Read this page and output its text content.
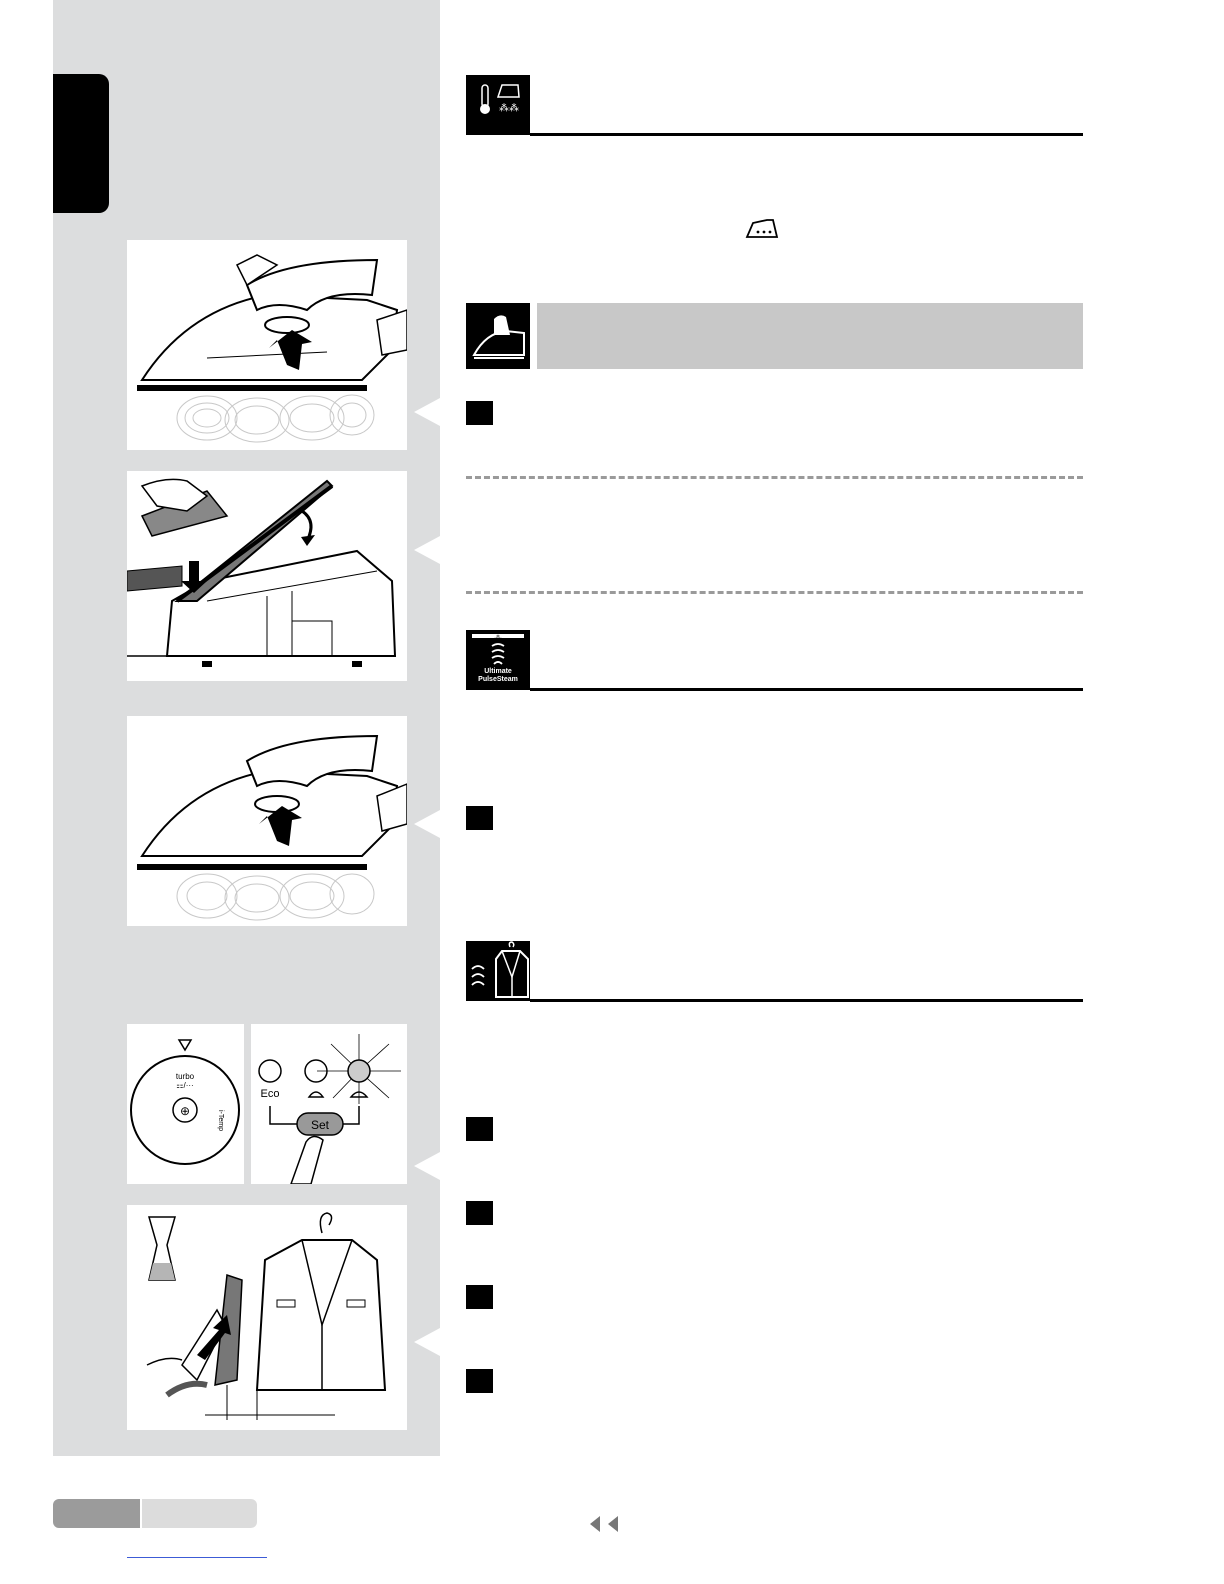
⊕
turbo
⚏/···
i-Temp
Eco
Set
⁂⁂
⁂
Ultimate
PulseSteam
